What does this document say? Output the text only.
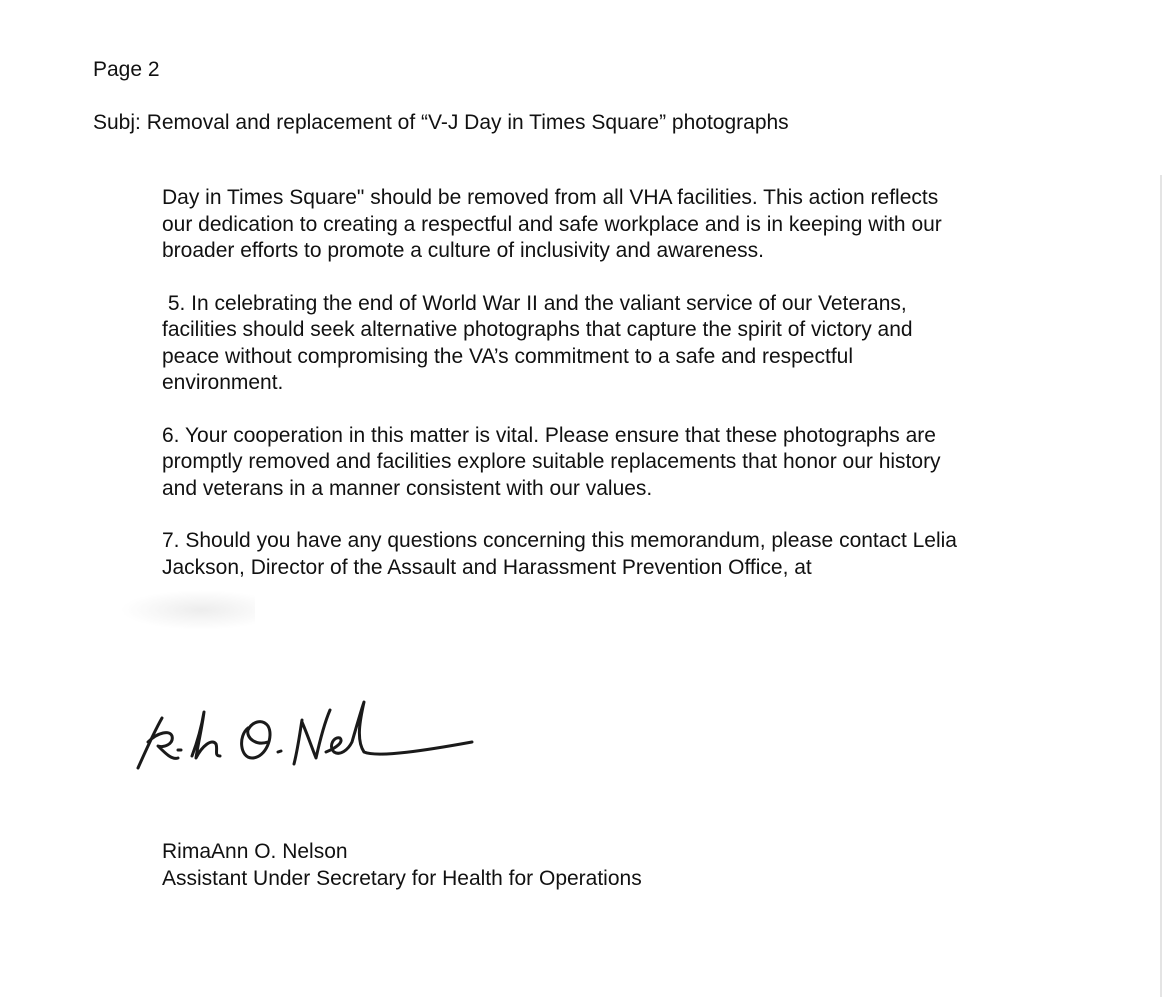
Page 2
Subj: Removal and replacement of “V-J Day in Times Square” photographs

Day in Times Square" should be removed from all VHA facilities. This action reflects
our dedication to creating a respectful and safe workplace and is in keeping with our
broader efforts to promote a culture of inclusivity and awareness.

5. In celebrating the end of World War II and the valiant service of our Veterans,
facilities should seek alternative photographs that capture the spirit of victory and
peace without compromising the VA’s commitment to a safe and respectful
environment.

6. Your cooperation in this matter is vital. Please ensure that these photographs are
promptly removed and facilities explore suitable replacements that honor our history
and veterans in a manner consistent with our values.

7. Should you have any questions concerning this memorandum, please contact Lelia
Jackson, Director of the Assault and Harassment Prevention Office, at

RimaAnn O. Nelson
Assistant Under Secretary for Health for Operations
